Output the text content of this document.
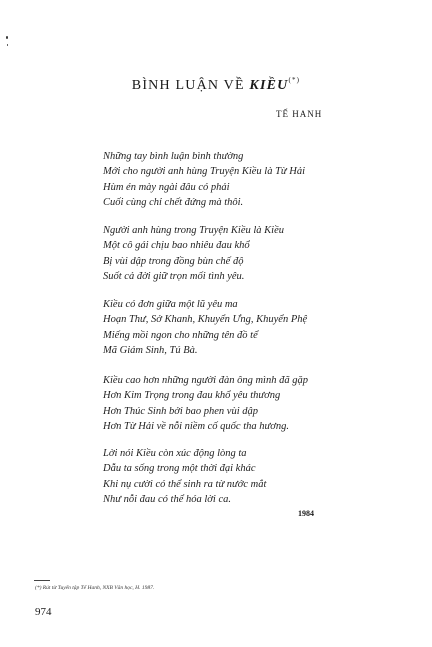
BÌNH LUẬN VỀ KIỀU(*)
TẾ HANH
Những tay bình luận bình thường
Mới cho người anh hùng Truyện Kiều là Từ Hải
Hùm én mày ngài đâu có phải
Cuối cùng chỉ chết đứng mà thôi.
Người anh hùng trong Truyện Kiều là Kiều
Một cô gái chịu bao nhiêu đau khổ
Bị vùi dập trong đồng bùn chế độ
Suốt cả đời giữ trọn mối tình yêu.
Kiều có đơn giữa một lũ yêu ma
Hoạn Thư, Sở Khanh, Khuyển Ưng, Khuyển Phệ
Miếng mồi ngon cho những tên đồ tể
Mã Giám Sinh, Tú Bà.
Kiều cao hơn những người đàn ông mình đã gặp
Hơn Kim Trọng trong đau khổ yêu thương
Hơn Thúc Sinh bởi bao phen vùi dập
Hơn Từ Hải về nỗi niềm cố quốc tha hương.
Lời nói Kiều còn xúc động lòng ta
Dẫu ta sống trong một thời đại khác
Khi nụ cười có thể sinh ra từ nước mắt
Như nỗi đau có thể hóa lời ca.
1984
(*) Rút từ Tuyển tập Tế Hanh, NXB Văn học, H. 1987.
974
